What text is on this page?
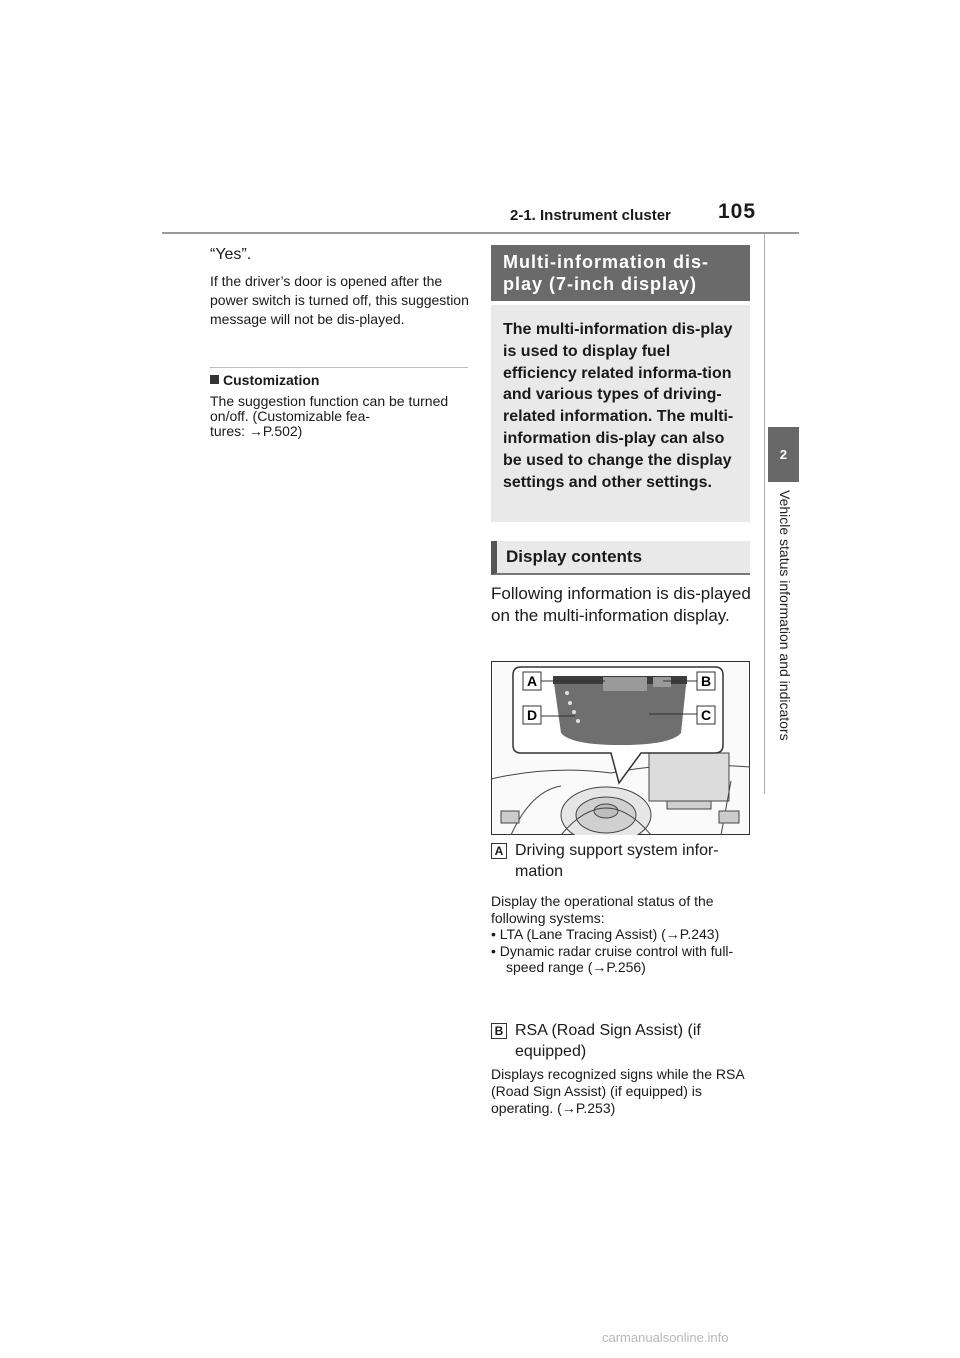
2-1. Instrument cluster 105
2
Vehicle status information and indicators
“Yes”.
If the driver’s door is opened after the power switch is turned off, this suggestion message will not be dis-played.
Customization
The suggestion function can be turned on/off. (Customizable fea-
tures: →P.502)
Multi-information dis-
play (7-inch display)
The multi-information dis-play is used to display fuel efficiency related informa-tion and various types of driving-related information. The multi-information dis-play can also be used to change the display settings and other settings.
Display contents
Following information is dis-played on the multi-information display.
A	B
D	C
A Driving support system infor-mation
Display the operational status of the following systems:
• LTA (Lane Tracing Assist) (→P.243)
• Dynamic radar cruise control with full-speed range (→P.256)
B RSA (Road Sign Assist) (if equipped)
Displays recognized signs while the RSA (Road Sign Assist) (if equipped) is operating. (→P.253)
carmanualsonline.info
